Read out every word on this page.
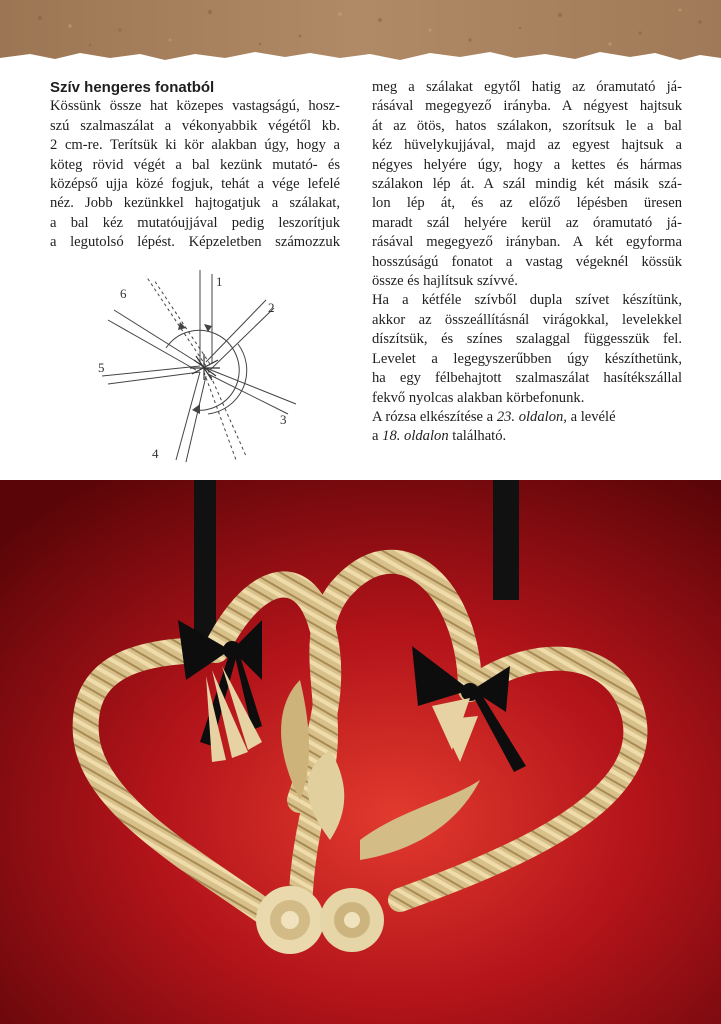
Szív hengeres fonatból

Kössünk össze hat közepes vastagságú, hosz-
szú szalmaszálat a vékonyabbik végétől kb.
2 cm-re. Terítsük ki kör alakban úgy, hogy a
köteg rövid végét a bal kezünk mutató- és
középső ujja közé fogjuk, tehát a vége lefelé
néz. Jobb kezünkkel hajtogatjuk a szálakat,
a bal kéz mutatóujjával pedig leszorítjuk
a legutolsó lépést. Képzeletben számozzuk
meg a szálakat egytől hatig az óramutató já-
rásával megegyező irányba. A négyest hajtsuk
át az ötös, hatos szálakon, szorítsuk le a bal
kéz hüvelykujjával, majd az egyest hajtsuk a
négyes helyére úgy, hogy a kettes és hármas
szálakon lép át. A szál mindig két másik szá-
lon lép át, és az előző lépésben üresen
maradt szál helyére kerül az óramutató já-
rásával megegyező irányban. A két egyforma
hosszúságú fonatot a vastag végeknél kössük
össze és hajlítsuk szívvé.
Ha a kétféle szívből dupla szívet készítünk,
akkor az összeállításnál virágokkal, levelekkel
díszítsük, és színes szalaggal függesszük fel.
Levelet a legegyszerűbben úgy készíthetünk,
ha egy félbehajtott szalmaszálat hasítékszállal
fekvő nyolcas alakban körbefonunk.
A rózsa elkészítése a 23. oldalon, a levélé
a 18. oldalon található.
1
2
3
4
5
6
